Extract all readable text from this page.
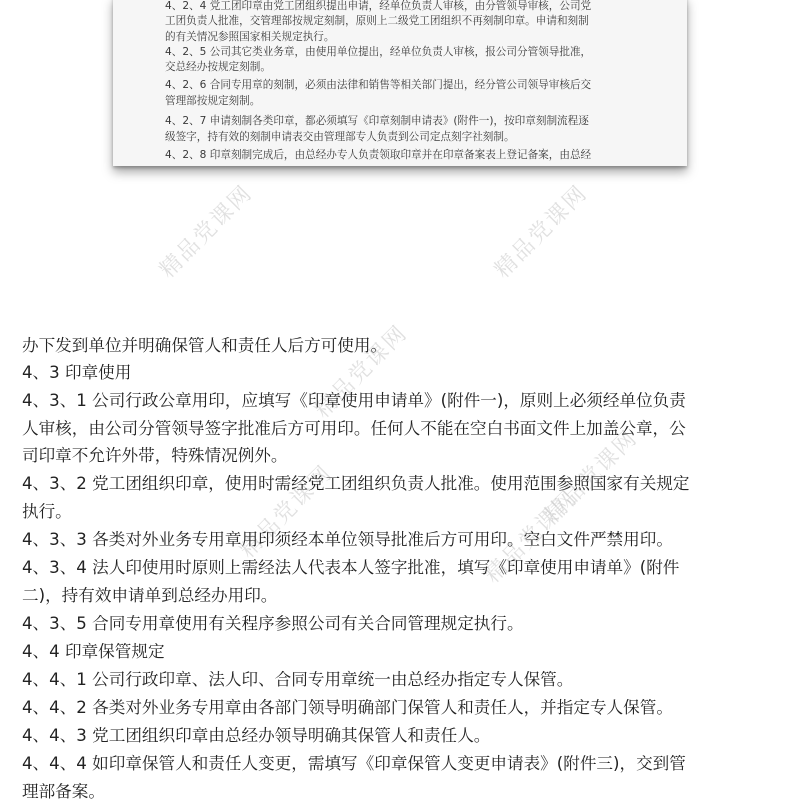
4、2、4 党工团印章由党工团组织提出申请，经单位负责人审核，由分管领导审核，公司党
工团负责人批准，交管理部按规定刻制，原则上二级党工团组织不再刻制印章。申请和刻制
的有关情况参照国家相关规定执行。
4、2、5 公司其它类业务章，由使用单位提出，经单位负责人审核，报公司分管领导批准，
交总经办按规定刻制。
4、2、6 合同专用章的刻制，必须由法律和销售等相关部门提出，经分管公司领导审核后交
管理部按规定刻制。
4、2、7 申请刻制各类印章，都必须填写《印章刻制申请表》(附件一)，按印章刻制流程逐
级签字，持有效的刻制申请表交由管理部专人负责到公司定点刻字社刻制。
4、2、8 印章刻制完成后，由总经办专人负责领取印章并在印章备案表上登记备案，由总经
精品党课网	精品党课网
精品党课网
精品党课网
精品党课网	精品党课网
办下发到单位并明确保管人和责任人后方可使用。
4、3 印章使用
4、3、1 公司行政公章用印，应填写《印章使用申请单》(附件一)，原则上必须经单位负责
人审核，由公司分管领导签字批准后方可用印。任何人不能在空白书面文件上加盖公章，公
司印章不允许外带，特殊情况例外。
4、3、2 党工团组织印章，使用时需经党工团组织负责人批准。使用范围参照国家有关规定
执行。
4、3、3 各类对外业务专用章用印须经本单位领导批准后方可用印。空白文件严禁用印。
4、3、4 法人印使用时原则上需经法人代表本人签字批准，填写《印章使用申请单》(附件
二)，持有效申请单到总经办用印。
4、3、5 合同专用章使用有关程序参照公司有关合同管理规定执行。
4、4 印章保管规定
4、4、1 公司行政印章、法人印、合同专用章统一由总经办指定专人保管。
4、4、2 各类对外业务专用章由各部门领导明确部门保管人和责任人，并指定专人保管。
4、4、3 党工团组织印章由总经办领导明确其保管人和责任人。
4、4、4 如印章保管人和责任人变更，需填写《印章保管人变更申请表》(附件三)，交到管
理部备案。
